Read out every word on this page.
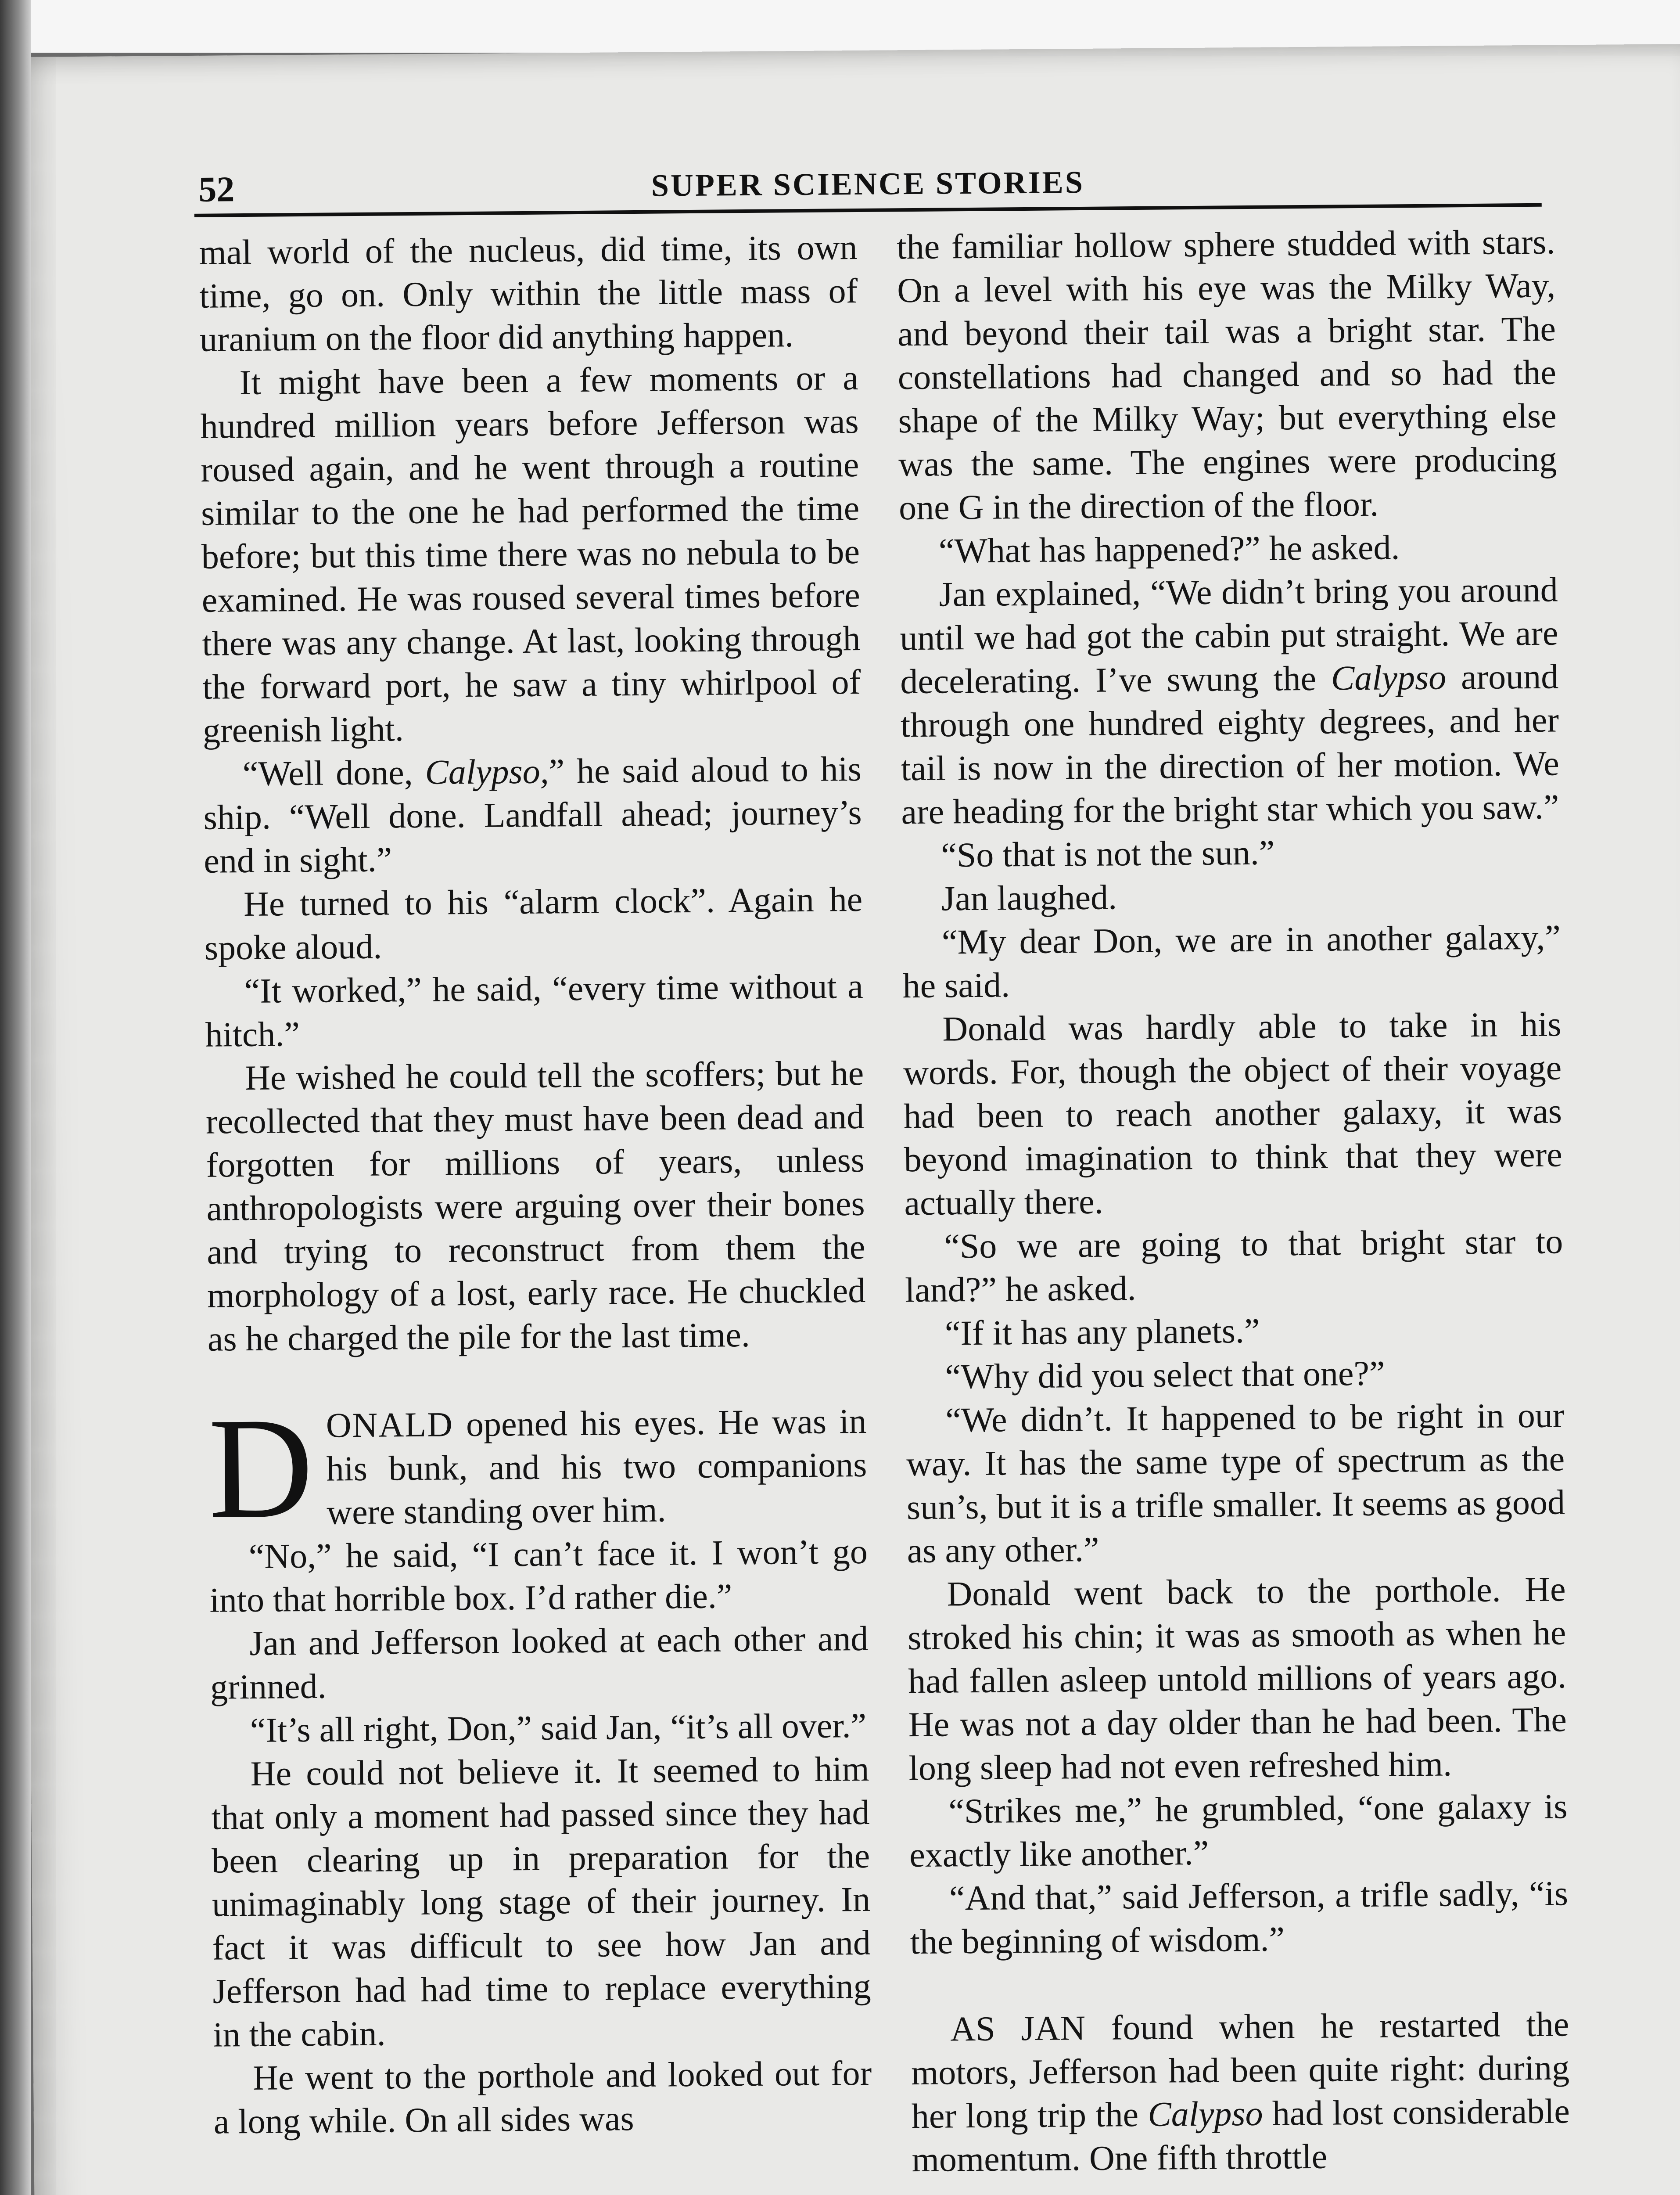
52	SUPER SCIENCE STORIES

mal world of the nucleus, did time, its own time, go on. Only within the little mass of uranium on the floor did anything happen.

It might have been a few moments or a hundred million years before Jefferson was roused again, and he went through a routine similar to the one he had performed the time before; but this time there was no nebula to be examined. He was roused several times before there was any change. At last, looking through the forward port, he saw a tiny whirlpool of greenish light.

“Well done, Calypso,” he said aloud to his ship. “Well done. Landfall ahead; journey’s end in sight.”

He turned to his “alarm clock”. Again he spoke aloud.

“It worked,” he said, “every time without a hitch.”

He wished he could tell the scoffers; but he recollected that they must have been dead and forgotten for millions of years, unless anthropologists were arguing over their bones and trying to reconstruct from them the morphology of a lost, early race. He chuckled as he charged the pile for the last time.

DONALD opened his eyes. He was in his bunk, and his two companions were standing over him.

“No,” he said, “I can’t face it. I won’t go into that horrible box. I’d rather die.”

Jan and Jefferson looked at each other and grinned.

“It’s all right, Don,” said Jan, “it’s all over.”

He could not believe it. It seemed to him that only a moment had passed since they had been clearing up in preparation for the unimaginably long stage of their journey. In fact it was difficult to see how Jan and Jefferson had had time to replace everything in the cabin.

He went to the porthole and looked out for a long while. On all sides was

the familiar hollow sphere studded with stars. On a level with his eye was the Milky Way, and beyond their tail was a bright star. The constellations had changed and so had the shape of the Milky Way; but everything else was the same. The engines were producing one G in the direction of the floor.

“What has happened?” he asked.

Jan explained, “We didn’t bring you around until we had got the cabin put straight. We are decelerating. I’ve swung the Calypso around through one hundred eighty degrees, and her tail is now in the direction of her motion. We are heading for the bright star which you saw.”

“So that is not the sun.”

Jan laughed.

“My dear Don, we are in another galaxy,” he said.

Donald was hardly able to take in his words. For, though the object of their voyage had been to reach another galaxy, it was beyond imagination to think that they were actually there.

“So we are going to that bright star to land?” he asked.

“If it has any planets.”

“Why did you select that one?”

“We didn’t. It happened to be right in our way. It has the same type of spectrum as the sun’s, but it is a trifle smaller. It seems as good as any other.”

Donald went back to the porthole. He stroked his chin; it was as smooth as when he had fallen asleep untold millions of years ago. He was not a day older than he had been. The long sleep had not even refreshed him.

“Strikes me,” he grumbled, “one galaxy is exactly like another.”

“And that,” said Jefferson, a trifle sadly, “is the beginning of wisdom.”

AS JAN found when he restarted the motors, Jefferson had been quite right: during her long trip the Calypso had lost considerable momentum. One fifth throttle
